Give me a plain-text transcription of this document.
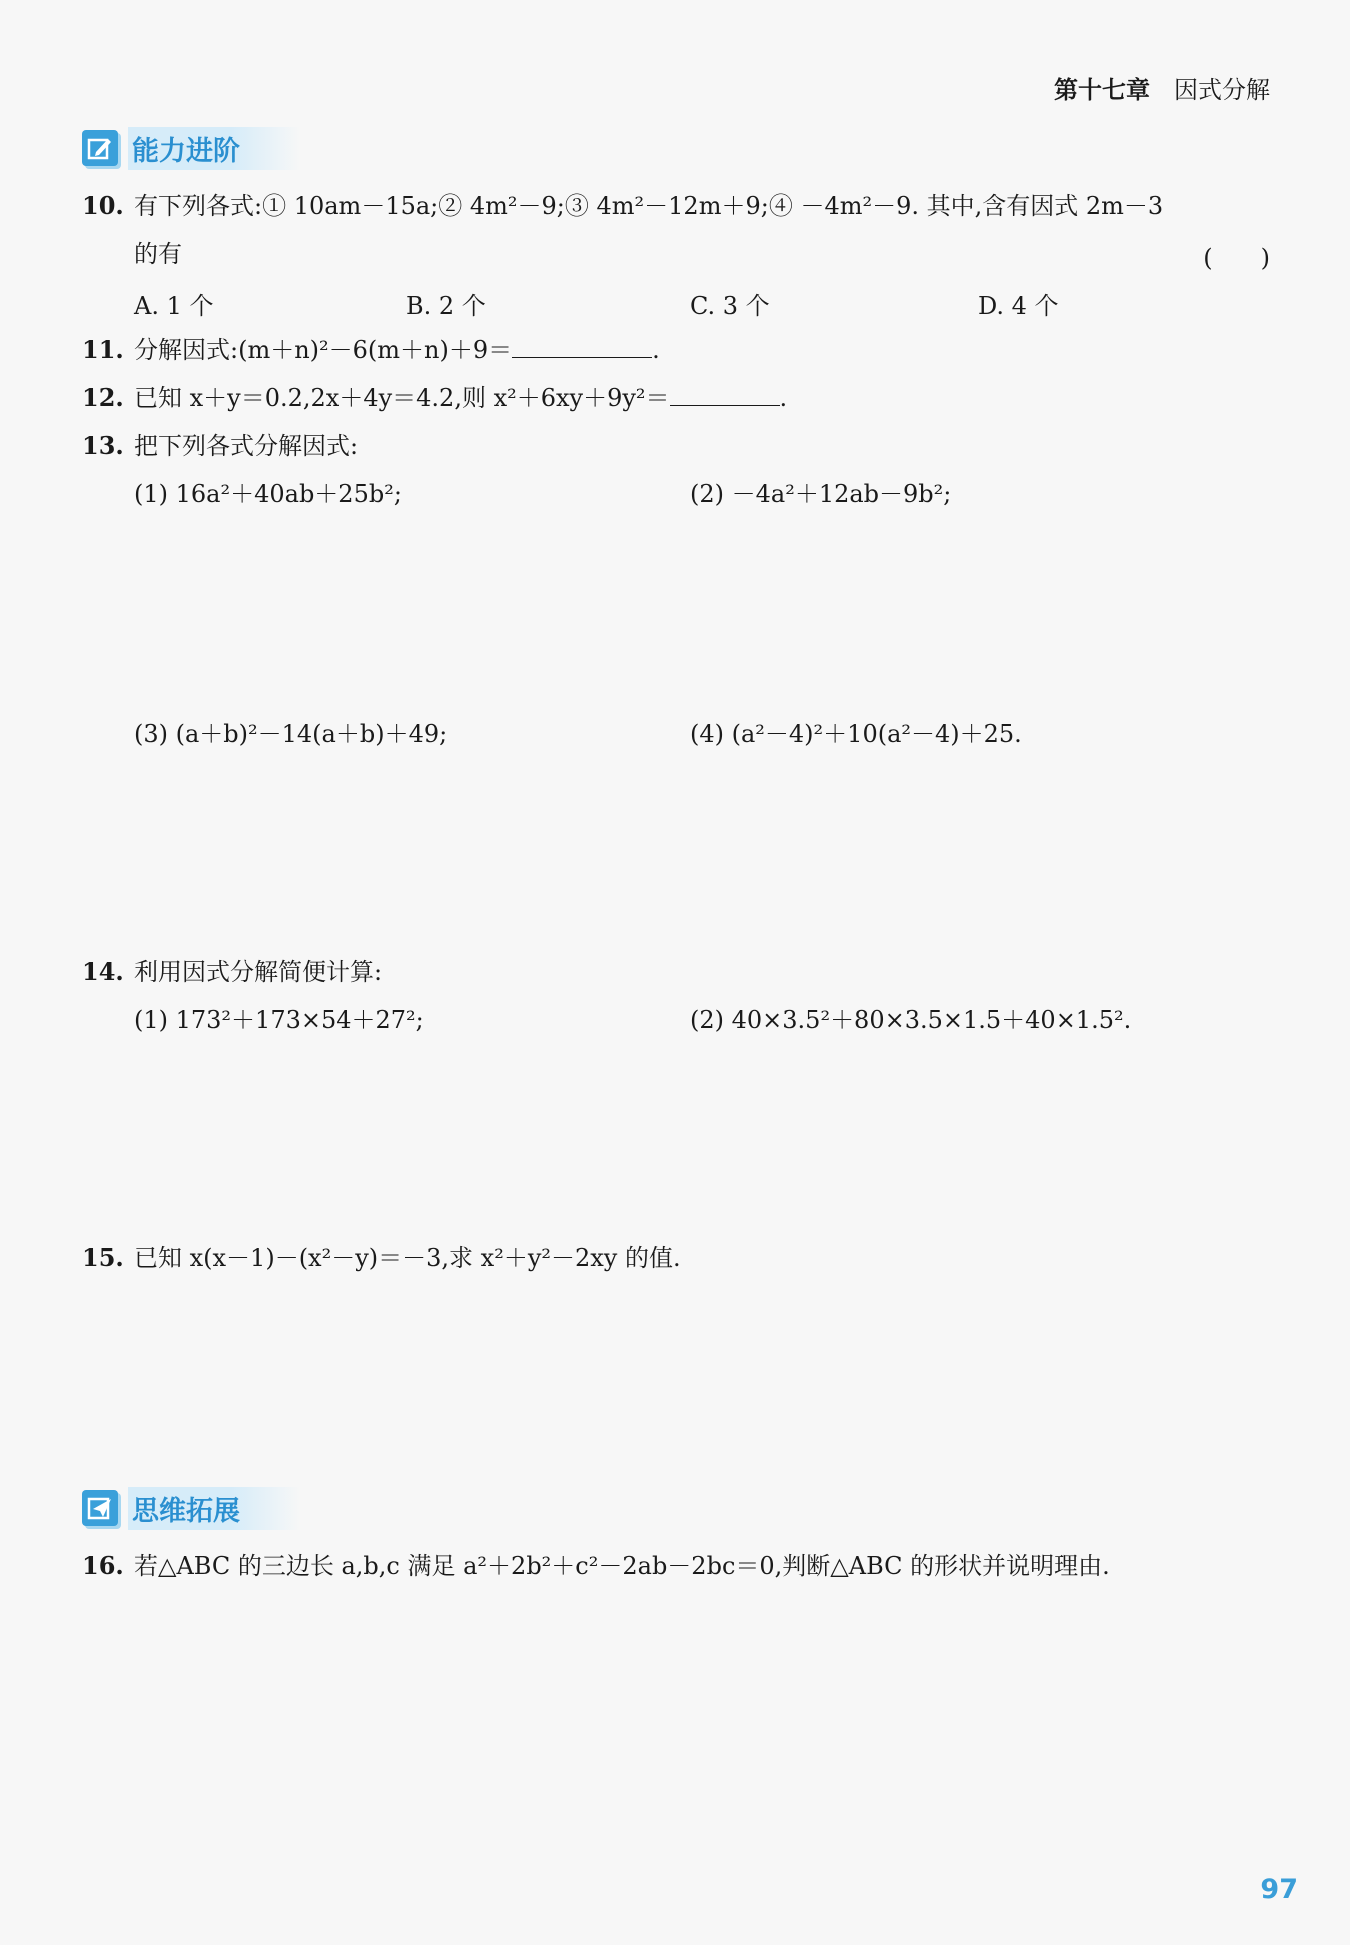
第十七章 因式分解
能力进阶
10. 有下列各式:① 10am－15a;② 4m²－9;③ 4m²－12m＋9;④ －4m²－9. 其中,含有因式 2m－3
的有	(　　)
A. 1 个	B. 2 个	C. 3 个	D. 4 个
11. 分解因式:(m＋n)²－6(m＋n)＋9＝	.
12. 已知 x＋y＝0.2,2x＋4y＝4.2,则 x²＋6xy＋9y²＝	.
13. 把下列各式分解因式:
(1) 16a²＋40ab＋25b²;	(2) －4a²＋12ab－9b²;
(3) (a＋b)²－14(a＋b)＋49;	(4) (a²－4)²＋10(a²－4)＋25.
14. 利用因式分解简便计算:
(1) 173²＋173×54＋27²;	(2) 40×3.5²＋80×3.5×1.5＋40×1.5².
15. 已知 x(x－1)－(x²－y)＝－3,求 x²＋y²－2xy 的值.
思维拓展
16. 若△ABC 的三边长 a,b,c 满足 a²＋2b²＋c²－2ab－2bc＝0,判断△ABC 的形状并说明理由.
97
